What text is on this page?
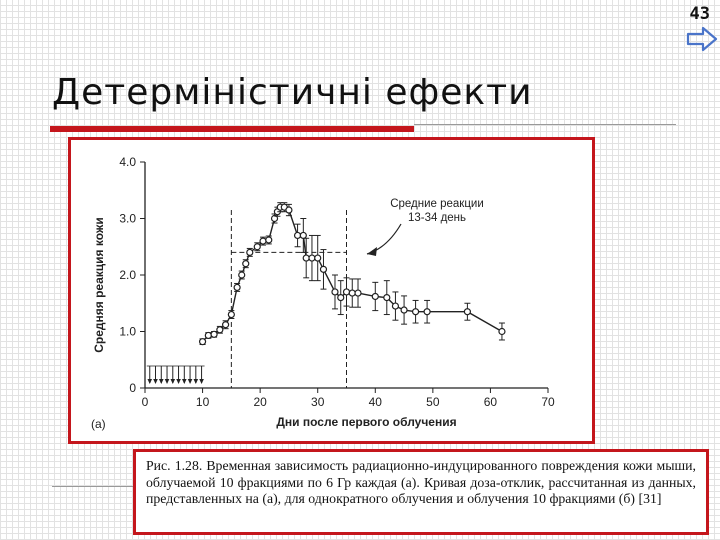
43
Детерміністичні ефекти
0	10	20	30	40	50	60	70
0
1.0
2.0
3.0
4.0
Дни после первого облучения
Средняя реакция кожи
(а)
Средние реакции
13-34 день
Рис. 1.28. Временная зависимость радиационно-индуцированного повреждения кожи мыши, облучаемой 10 фракциями по 6 Гр каждая (а). Кривая доза-отклик, рассчитанная из данных, представленных на (а), для однократного облучения и облучения 10 фракциями (б) [31]
